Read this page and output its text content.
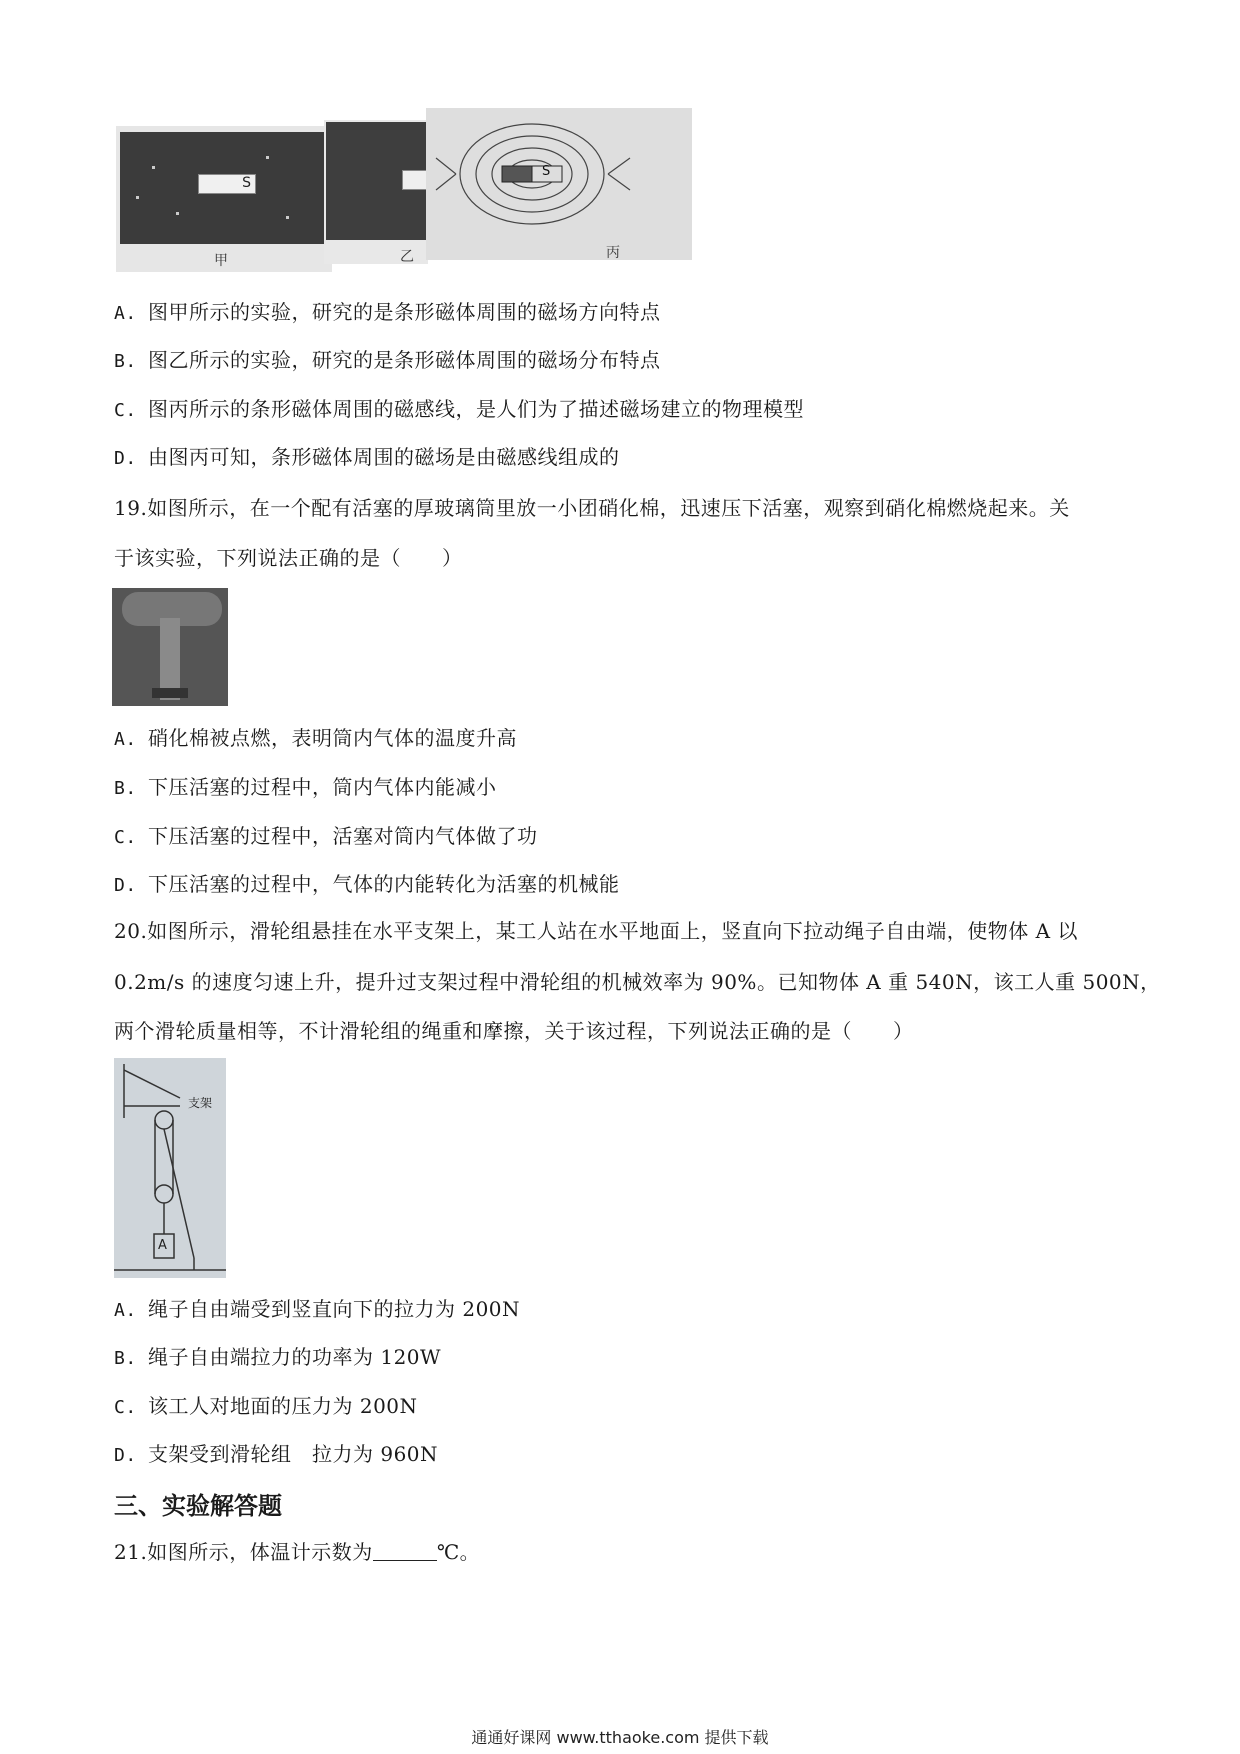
S
甲	乙
S
丙
A. 图甲所示的实验，研究的是条形磁体周围的磁场方向特点
B. 图乙所示的实验，研究的是条形磁体周围的磁场分布特点
C. 图丙所示的条形磁体周围的磁感线，是人们为了描述磁场建立的物理模型
D. 由图丙可知，条形磁体周围的磁场是由磁感线组成的
19.如图所示，在一个配有活塞的厚玻璃筒里放一小团硝化棉，迅速压下活塞，观察到硝化棉燃烧起来。关
于该实验，下列说法正确的是（　　）
A. 硝化棉被点燃，表明筒内气体的温度升高
B. 下压活塞的过程中，筒内气体内能减小
C. 下压活塞的过程中，活塞对筒内气体做了功
D. 下压活塞的过程中，气体的内能转化为活塞的机械能
20.如图所示，滑轮组悬挂在水平支架上，某工人站在水平地面上，竖直向下拉动绳子自由端，使物体 A 以
0.2m/s 的速度匀速上升，提升过支架过程中滑轮组的机械效率为 90%。已知物体 A 重 540N，该工人重 500N，
两个滑轮质量相等，不计滑轮组的绳重和摩擦，关于该过程，下列说法正确的是（　　）
支架
A
A. 绳子自由端受到竖直向下的拉力为 200N
B. 绳子自由端拉力的功率为 120W
C. 该工人对地面的压力为 200N
D. 支架受到滑轮组　拉力为 960N
三、实验解答题
21.如图所示，体温计示数为	℃。
通通好课网 www.tthaoke.com 提供下载
